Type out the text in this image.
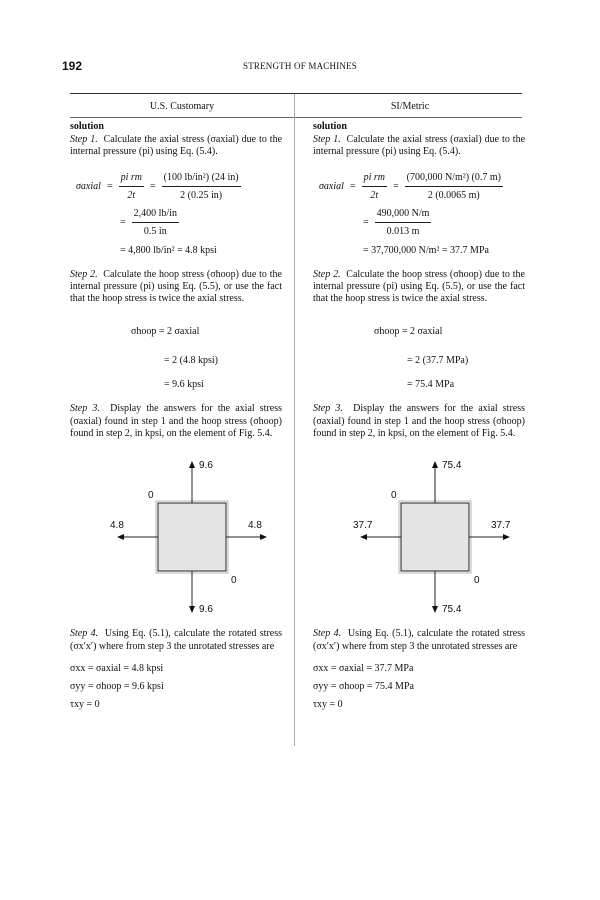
192	STRENGTH OF MACHINES
U.S. Customary	SI/Metric
solution
Step 1. Calculate the axial stress (σaxial) due to the internal pressure (pi) using Eq. (5.4).
σaxial = $\frac{\text{pi rm}}{2t} = \frac{\text{(100 lb/in²) (24 in)}}{2 (0.25 in)}$
= $\frac{2,400 lb/in}{0.5 in}$
= 4,800 lb/in² = 4.8 kpsi
Step 2. Calculate the hoop stress (σhoop) due to the internal pressure (pi) using Eq. (5.5), or use the fact that the hoop stress is twice the axial stress.
σhoop = 2 σaxial
= 2 (4.8 kpsi)
= 9.6 kpsi
Step 3. Display the answers for the axial stress (σaxial) found in step 1 and the hoop stress (σhoop) found in step 2, in kpsi, on the element of Fig. 5.4.
9.6
9.6
4.8	4.8
0
0
Step 4. Using Eq. (5.1), calculate the rotated stress (σx′x′) where from step 3 the unrotated stresses are
σxx = σaxial = 4.8 kpsi
σyy = σhoop = 9.6 kpsi
τxy = 0
solution
Step 1. Calculate the axial stress (σaxial) due to the internal pressure (pi) using Eq. (5.4).
σaxial = $\frac{\text{pi rm}}{2t} = \frac{\text{(700,000 N/m²) (0.7 m)}}{2 (0.0065 m)}$
= $\frac{490,000 N/m}{0.013 m}$
= 37,700,000 N/m² = 37.7 MPa
Step 2. Calculate the hoop stress (σhoop) due to the internal pressure (pi) using Eq. (5.5), or use the fact that the hoop stress is twice the axial stress.
σhoop = 2 σaxial
= 2 (37.7 MPa)
= 75.4 MPa
Step 3. Display the answers for the axial stress (σaxial) found in step 1 and the hoop stress (σhoop) found in step 2, in kpsi, on the element of Fig. 5.4.
75.4
75.4
37.7	37.7
0
0
Step 4. Using Eq. (5.1), calculate the rotated stress (σx′x′) where from step 3 the unrotated stresses are
σxx = σaxial = 37.7 MPa
σyy = σhoop = 75.4 MPa
τxy = 0
